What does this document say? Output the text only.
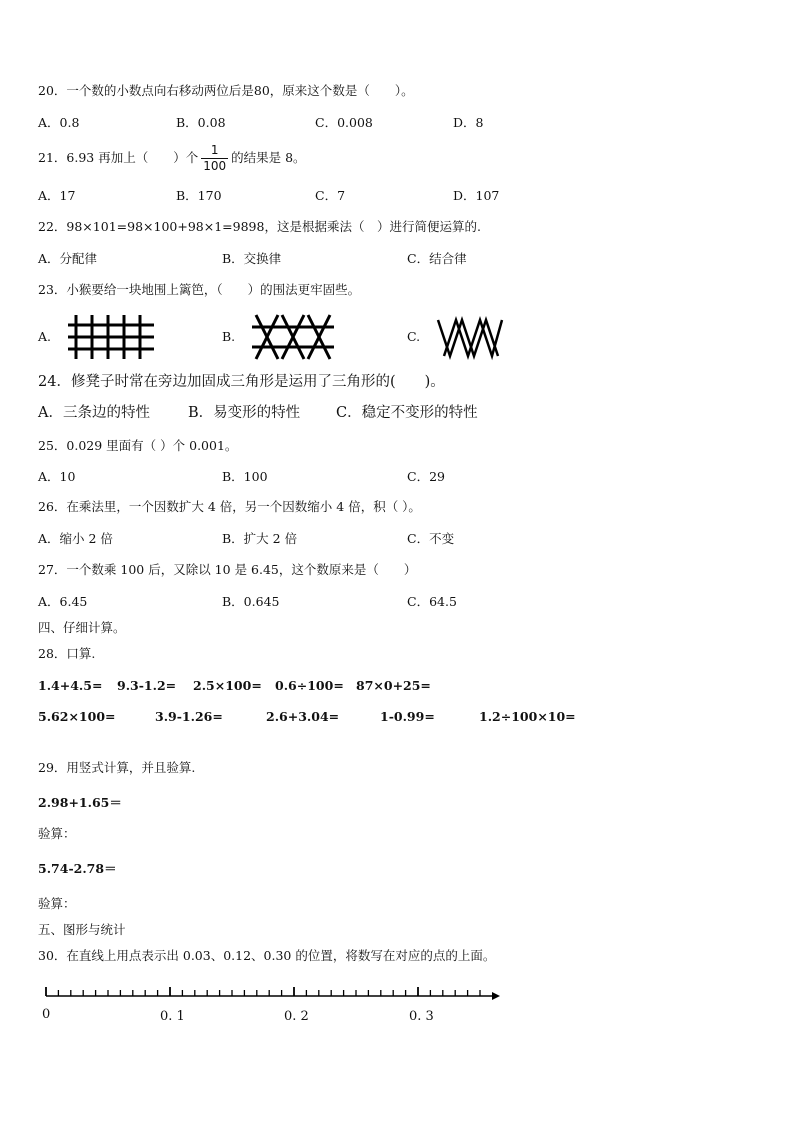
20．一个数的小数点向右移动两位后是80，原来这个数是（　　）。
A．0.8	B．0.08	C．0.008	D．8
21．6.93 再加上（　　）个 $\frac{1}{100}$ 的结果是 8。
A．17	B．170	C．7	D．107
22．98×101=98×100+98×1=9898，这是根据乘法（　）进行简便运算的.
A．分配律	B．交换律	C．结合律
23．小猴要给一块地围上篱笆，（　　）的围法更牢固些。
A.	B.	C.
24．修凳子时常在旁边加固成三角形是运用了三角形的(　　)。
A．三条边的特性	B．易变形的特性 C．稳定不变形的特性
25．0.029 里面有（ ）个 0.001。
A．10	B．100	C．29
26．在乘法里，一个因数扩大 4 倍，另一个因数缩小 4 倍，积（ ）。
A．缩小 2 倍	B．扩大 2 倍	C．不变
27．一个数乘 100 后，又除以 10 是 6.45，这个数原来是（　　）
A．6.45	B．0.645	C．64.5
四、仔细计算。
28．口算.
1.4+4.5= 9.3-1.2= 2.5×100= 0.6÷100= 87×0+25=
5.62×100=	3.9-1.26=	2.6+3.04=	1-0.99=	1.2÷100×10=
29．用竖式计算，并且验算.
2.98+1.65＝
验算：
5.74-2.78＝
验算：
五、图形与统计
30．在直线上用点表示出 0.03、0.12、0.30 的位置，将数写在对应的点的上面。
0	0. 1	0. 2	0. 3
